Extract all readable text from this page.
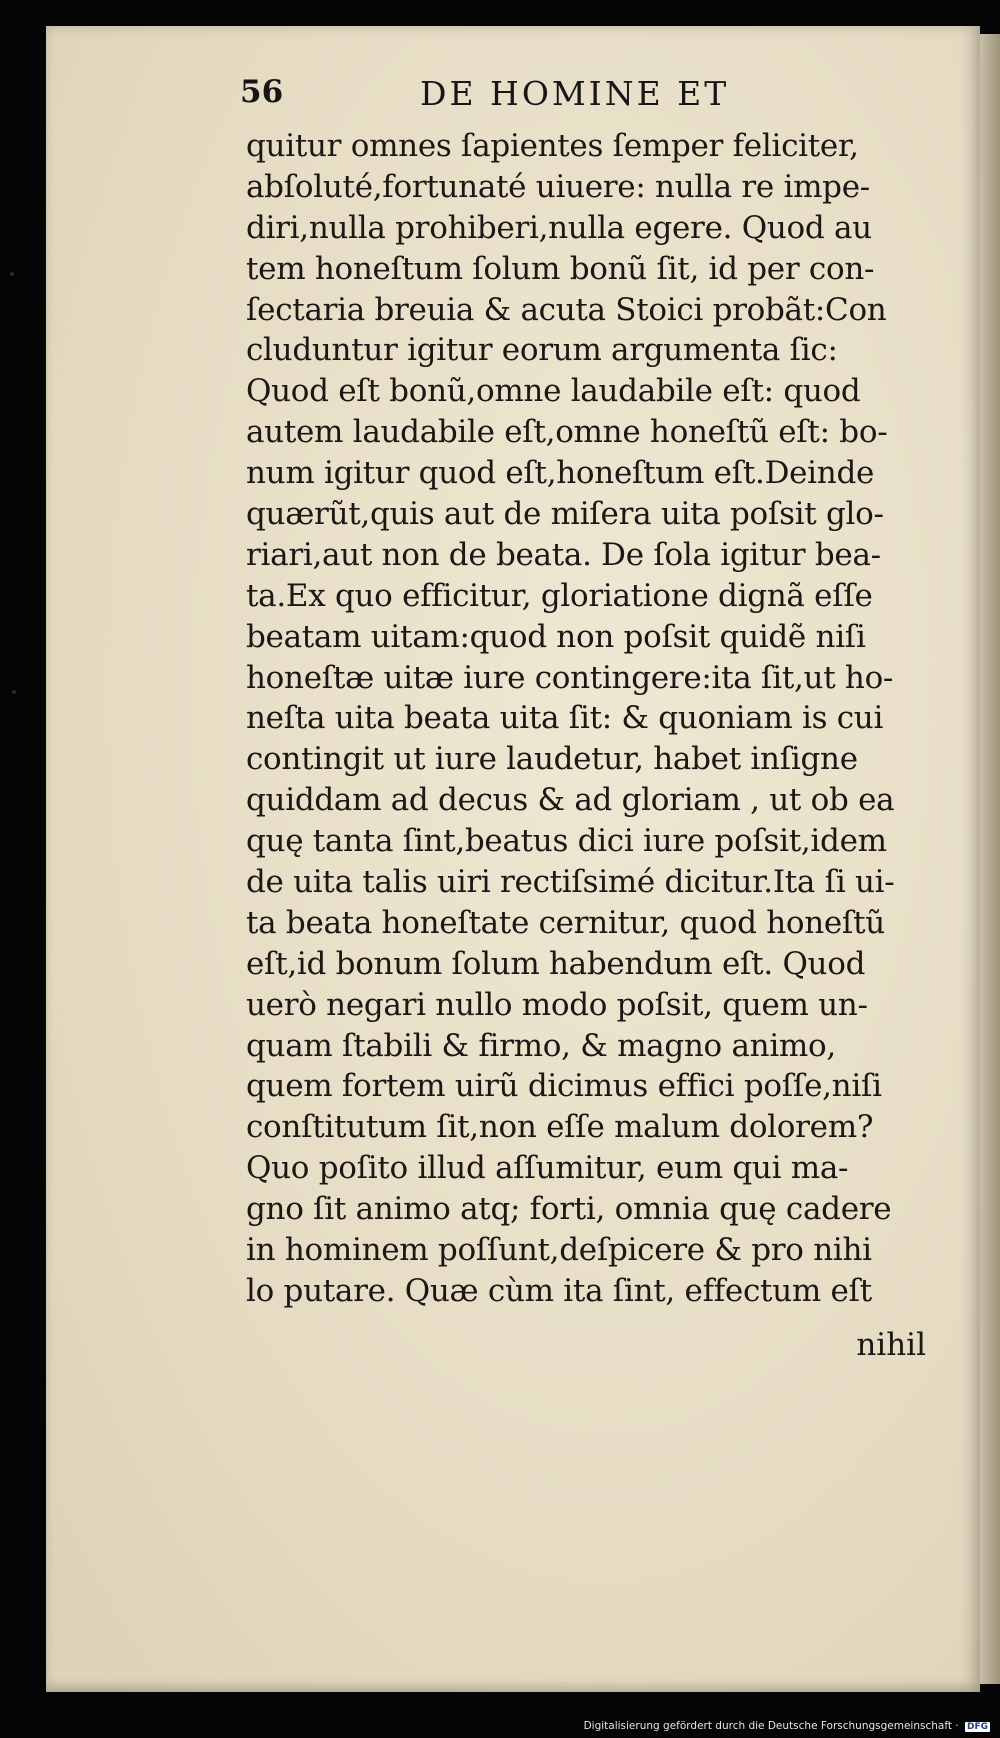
56	DE HOMINE ET
quitur omnes ſapientes ſemper feliciter,
abſoluté,fortunaté uiuere: nulla re impe-
diri,nulla prohiberi,nulla egere. Quod au
tem honeſtum ſolum bonũ ſit, id per con-
ſectaria breuia & acuta Stoici probãt:Con
cluduntur igitur eorum argumenta ſic:
Quod eſt bonũ,omne laudabile eſt: quod
autem laudabile eſt,omne honeſtũ eſt: bo-
num igitur quod eſt,honeſtum eſt.Deinde
quærũt,quis aut de miſera uita poſsit glo-
riari,aut non de beata. De ſola igitur bea-
ta.Ex quo efficitur, gloriatione dignã eſſe
beatam uitam:quod non poſsit quidẽ niſi
honeſtæ uitæ iure contingere:ita ſit,ut ho-
neſta uita beata uita ſit: & quoniam is cui
contingit ut iure laudetur, habet inſigne
quiddam ad decus & ad gloriam , ut ob ea
quę tanta ſint,beatus dici iure poſsit,idem
de uita talis uiri rectiſsimé dicitur.Ita ſi ui-
ta beata honeſtate cernitur, quod honeſtũ
eſt,id bonum ſolum habendum eſt. Quod
uerò negari nullo modo poſsit, quem un-
quam ſtabili & firmo, & magno animo,
quem fortem uirũ dicimus effici poſſe,niſi
conſtitutum ſit,non eſſe malum dolorem?
Quo poſito illud aſſumitur, eum qui ma-
gno ſit animo atq; forti, omnia quę cadere
in hominem poſſunt,deſpicere & pro nihi
lo putare. Quæ cùm ita ſint, effectum eſt
nihil
Digitalisierung gefördert durch die Deutsche Forschungsgemeinschaft · DFG
